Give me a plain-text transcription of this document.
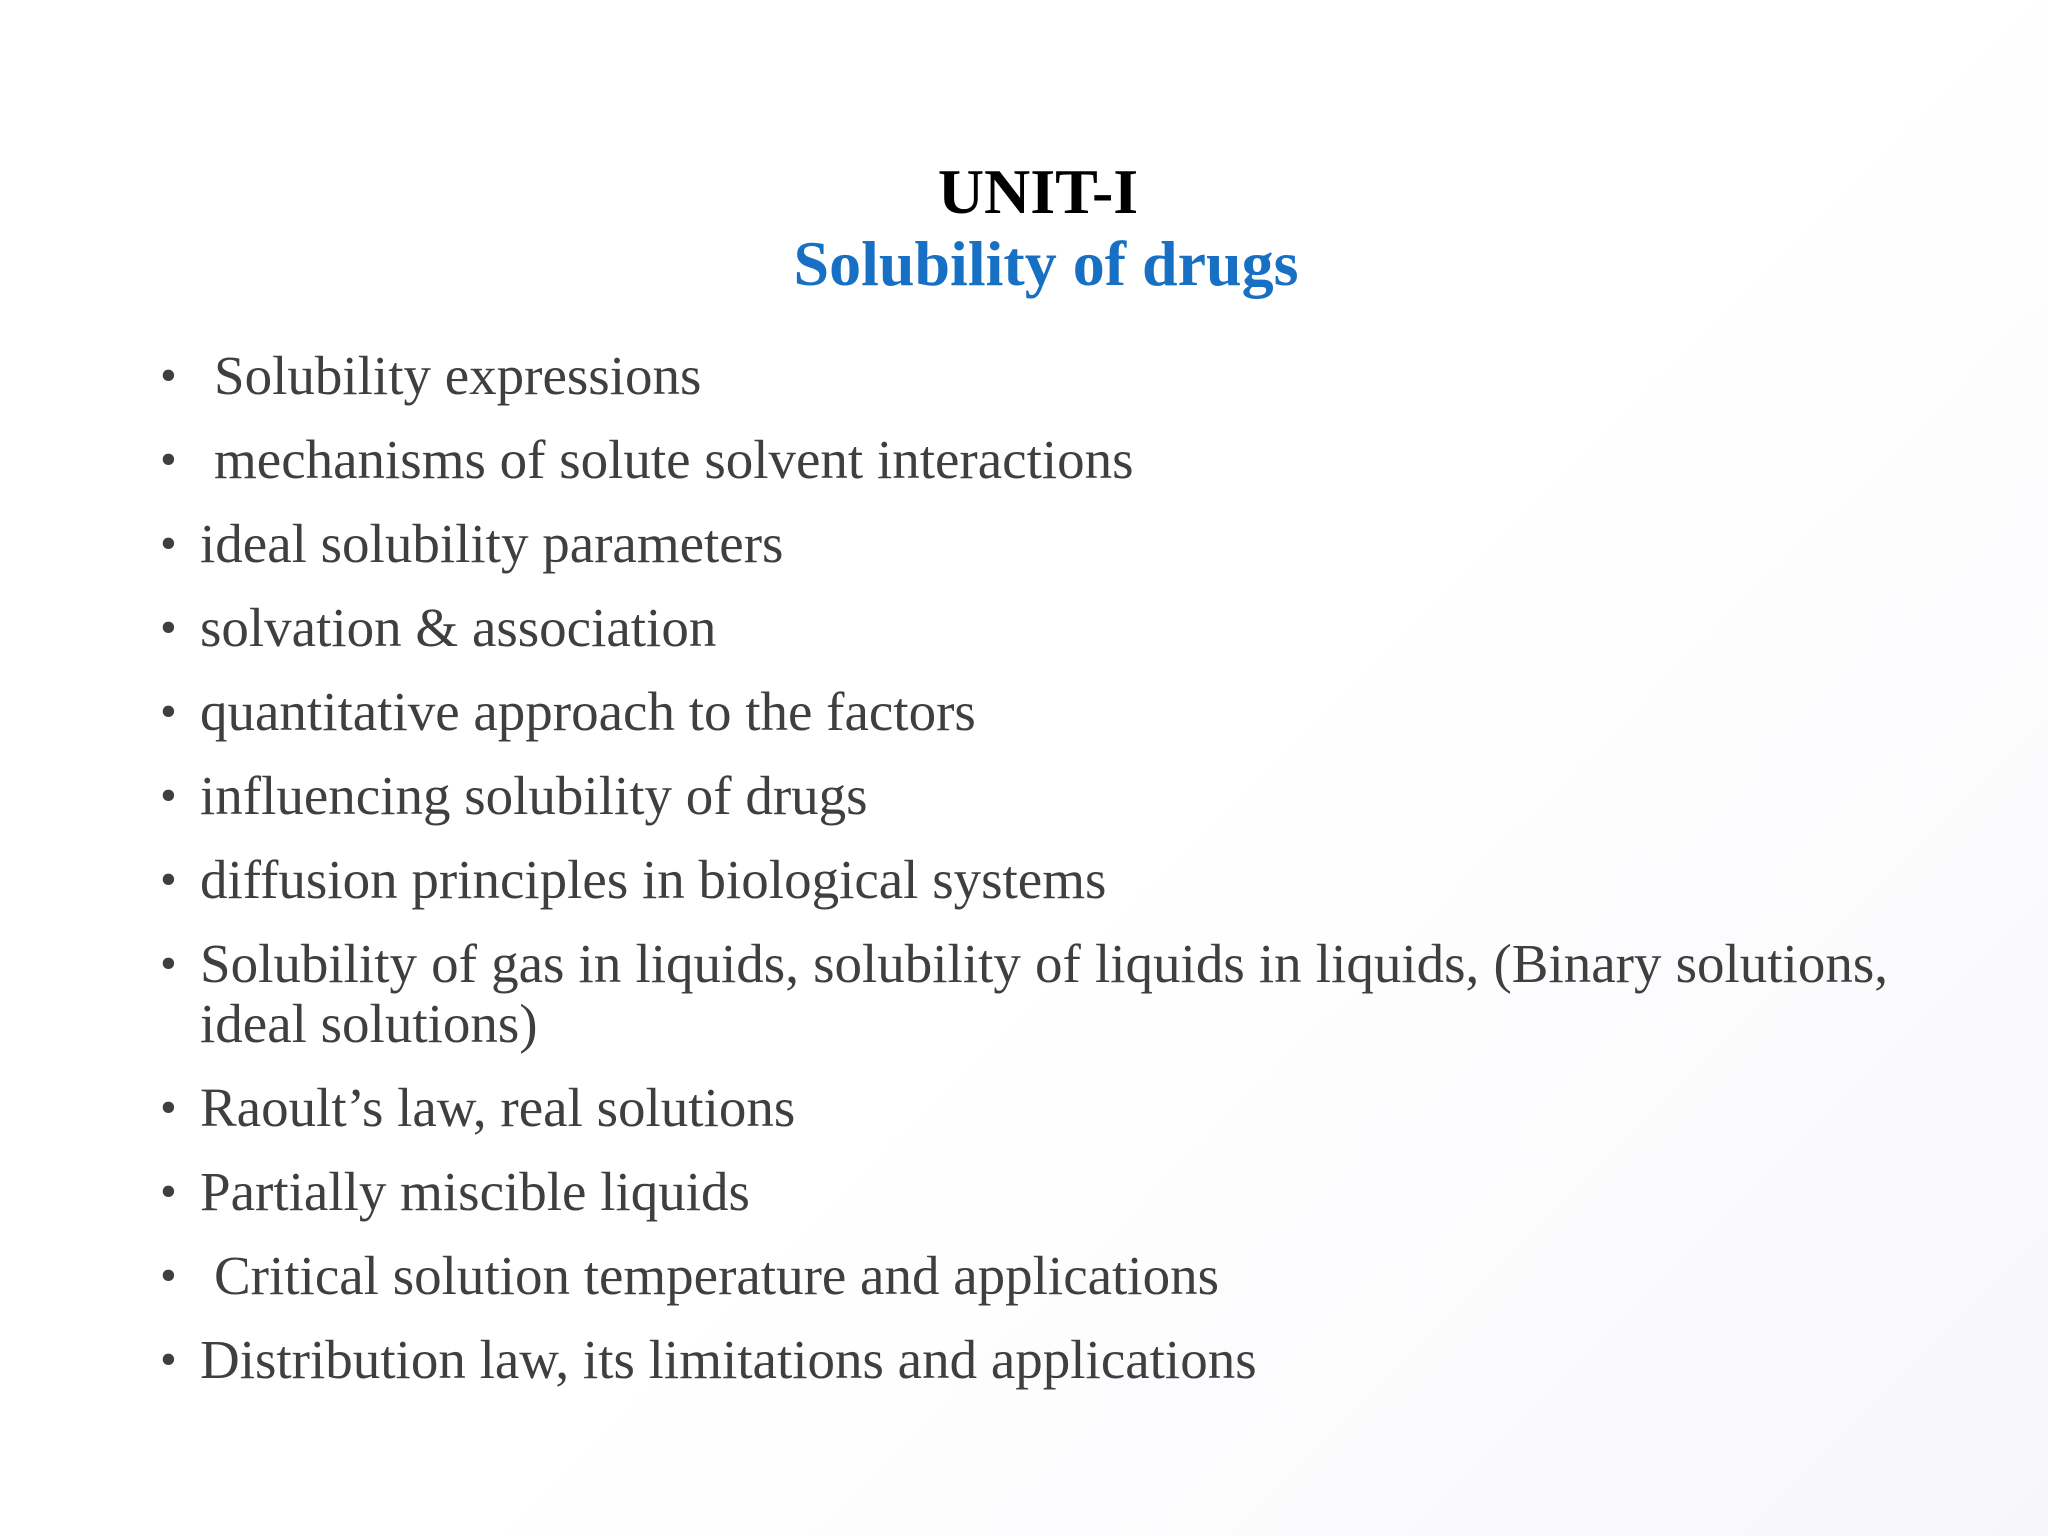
UNIT-I
Solubility of drugs
• Solubility expressions
• mechanisms of solute solvent interactions
• ideal solubility parameters
• solvation & association
• quantitative approach to the factors
• influencing solubility of drugs
• diffusion principles in biological systems
• Solubility of gas in liquids, solubility of liquids in liquids, (Binary solutions, ideal solutions)
• Raoult’s law, real solutions
• Partially miscible liquids
• Critical solution temperature and applications
• Distribution law, its limitations and applications
